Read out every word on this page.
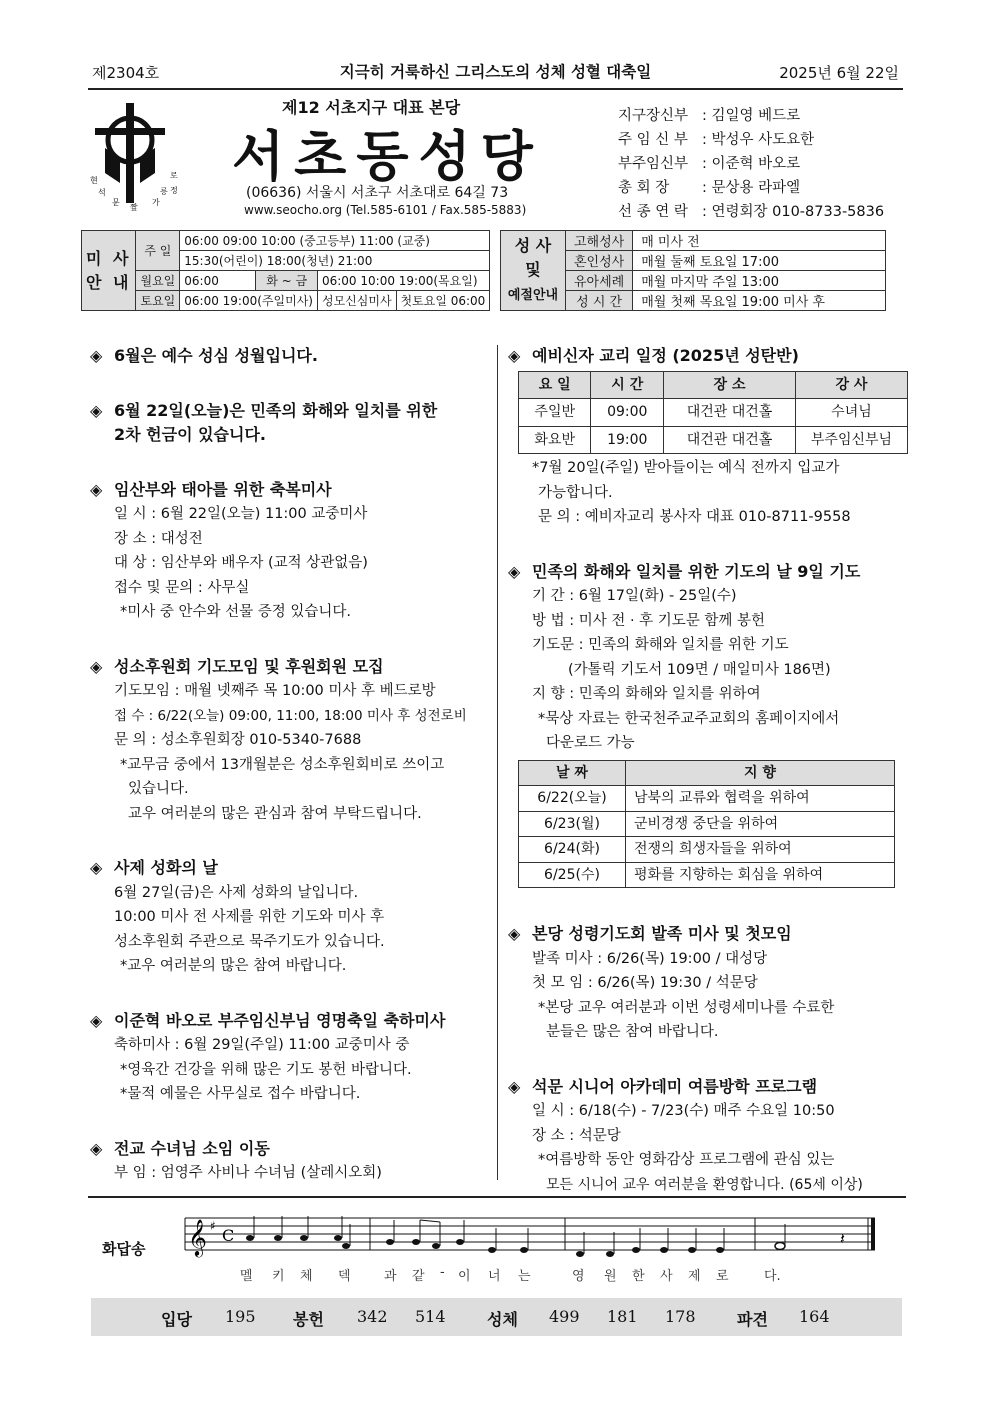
제2304호	지극히 거룩하신 그리스도의 성체 성혈 대축일	2025년 6월 22일
현
석
문
로
가
정
릉
짶
제12 서초지구 대표 본당
서초동성당
(06636) 서울시 서초구 서초대로 64길 73
www.seocho.org (Tel.585-6101 / Fax.585-5883)
지구장신부 : 김일영 베드로
주 임 신 부 : 박성우 사도요한
부주임신부 : 이준혁 바오로
총 회 장	: 문상용 라파엘
선 종 연 락 : 연령회장 010-8733-5836
미 사
안 내	주 일	06:00 09:00 10:00 (중고등부) 11:00 (교중)			
		15:30(어린이) 18:00(청년) 21:00			
	월요일	06:00	화 ~ 금	06:00 10:00 19:00(목요일)	
	토요일	06:00 19:00(주일미사)		성모신심미사	첫토요일 06:00
성 사
및
예절안내	고해성사	매 미사 전
	혼인성사	매월 둘째 토요일 17:00
	유아세례	매월 마지막 주일 13:00
	성 시 간	매월 첫째 목요일 19:00 미사 후
◈ 6월은 예수 성심 성월입니다.
◈ 6월 22일(오늘)은 민족의 화해와 일치를 위한
2차 헌금이 있습니다.
◈ 임산부와 태아를 위한 축복미사
일 시 : 6월 22일(오늘) 11:00 교중미사
장 소 : 대성전
대 상 : 임산부와 배우자 (교적 상관없음)
접수 및 문의 : 사무실
*미사 중 안수와 선물 증정 있습니다.
◈ 성소후원회 기도모임 및 후원회원 모집
기도모임 : 매월 넷째주 목 10:00 미사 후 베드로방
접 수 : 6/22(오늘) 09:00, 11:00, 18:00 미사 후 성전로비
문 의 : 성소후원회장 010-5340-7688
*교무금 중에서 13개월분은 성소후원회비로 쓰이고
있습니다.
교우 여러분의 많은 관심과 참여 부탁드립니다.
◈ 사제 성화의 날
6월 27일(금)은 사제 성화의 날입니다.
10:00 미사 전 사제를 위한 기도와 미사 후
성소후원회 주관으로 묵주기도가 있습니다.
*교우 여러분의 많은 참여 바랍니다.
◈ 이준혁 바오로 부주임신부님 영명축일 축하미사
축하미사 : 6월 29일(주일) 11:00 교중미사 중
*영육간 건강을 위해 많은 기도 봉헌 바랍니다.
*물적 예물은 사무실로 접수 바랍니다.
◈ 전교 수녀님 소임 이동
부 임 : 엄영주 사비나 수녀님 (살레시오회)
◈ 예비신자 교리 일정 (2025년 성탄반)
요 일	시 간	장 소	강 사
주일반	09:00	대건관 대건홀	수녀님
화요반	19:00	대건관 대건홀	부주임신부님
*7월 20일(주일) 받아들이는 예식 전까지 입교가
가능합니다.
문 의 : 예비자교리 봉사자 대표 010-8711-9558
◈ 민족의 화해와 일치를 위한 기도의 날 9일 기도
기 간 : 6월 17일(화) - 25일(수)
방 법 : 미사 전 · 후 기도문 함께 봉헌
기도문 : 민족의 화해와 일치를 위한 기도
(가톨릭 기도서 109면 / 매일미사 186면)
지 향 : 민족의 화해와 일치를 위하여
*묵상 자료는 한국천주교주교회의 홈페이지에서
다운로드 가능
날 짜	지 향
6/22(오늘)	남북의 교류와 협력을 위하여
6/23(월)	군비경쟁 중단을 위하여
6/24(화)	전쟁의 희생자들을 위하여
6/25(수)	평화를 지향하는 회심을 위하여
◈ 본당 성령기도회 발족 미사 및 첫모임
발족 미사 : 6/26(목) 19:00 / 대성당
첫 모 임 : 6/26(목) 19:30 / 석문당
*본당 교우 여러분과 이번 성령세미나를 수료한
분들은 많은 참여 바랍니다.
◈ 석문 시니어 아카데미 여름방학 프로그램
일 시 : 6/18(수) - 7/23(수) 매주 수요일 10:50
장 소 : 석문당
*여름방학 동안 영화감상 프로그램에 관심 있는
모든 시니어 교우 여러분을 환영합니다. (65세 이상)
화답송 𝄞 ♯ C	𝄽
멜 키 체 덱	과 같 - 이 너 는	영 원 한 사 제 로	다.
입당 195 봉헌 342 514	성체 499 181 178	파견 164
